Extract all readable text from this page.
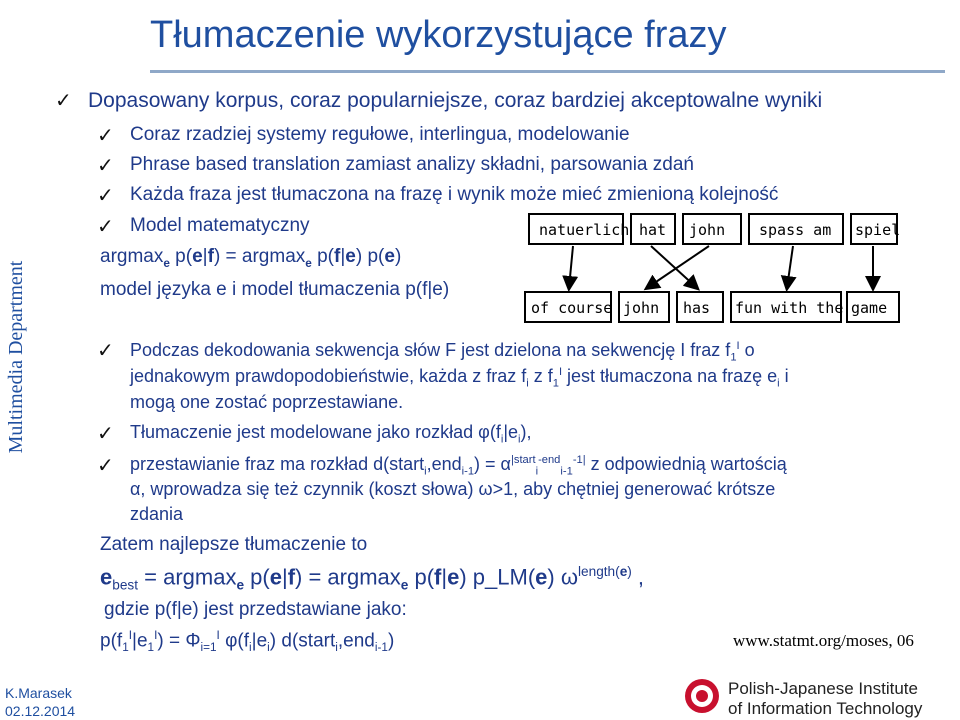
Tłumaczenie wykorzystujące frazy
Multimedia Department
✓ Dopasowany korpus, coraz popularniejsze, coraz bardziej akceptowalne wyniki
✓ Coraz rzadziej systemy regułowe, interlingua, modelowanie
✓ Phrase based translation zamiast analizy składni, parsowania zdań
✓ Każda fraza jest tłumaczona na frazę i wynik może mieć zmienioną kolejność
✓ Model matematyczny
argmax$_e$ p(e|f) = argmax$_e$ p(f|e) p(e)
model języka e i model tłumaczenia p(f|e)
natuerlich hat john spass am spiel
of course john has fun with the game
✓ Podczas dekodowania sekwencja słów F jest dzielona na sekwencję I fraz $f_1^I$ o
jednakowym prawdopodobieństwie, każda z fraz $f_i$ z $f_1^I$ jest tłumaczona na frazę $e_i$ i
mogą one zostać poprzestawiane.
✓ Tłumaczenie jest modelowane jako rozkład $\varphi(f_i|e_i)$,
✓ przestawianie fraz ma rozkład d(start$_i$,end$_{i-1}$) = $\alpha^{|start}_i^{-end}_{i-1}^{-1|}$ z odpowiednią wartością
α, wprowadza się też czynnik (koszt słowa) ω>1, aby chętniej generować krótsze
zdania
Zatem najlepsze tłumaczenie to
$e_{best} = argmax_e$ p(e|f) = argmax$_e$ p(f|e) p_LM(e) $\omega^{length(e)}$ ,
gdzie p(f|e) jest przedstawiane jako:
$p(f_1^I|e_1^I) = \Phi_{i=1}^I$ $\varphi(f_i|e_i)$ d(start$_i$,end$_{i-1}$)	www.statmt.org/moses, 06
K.Marasek
02.12.2014
Polish-Japanese Institute
of Information Technology
